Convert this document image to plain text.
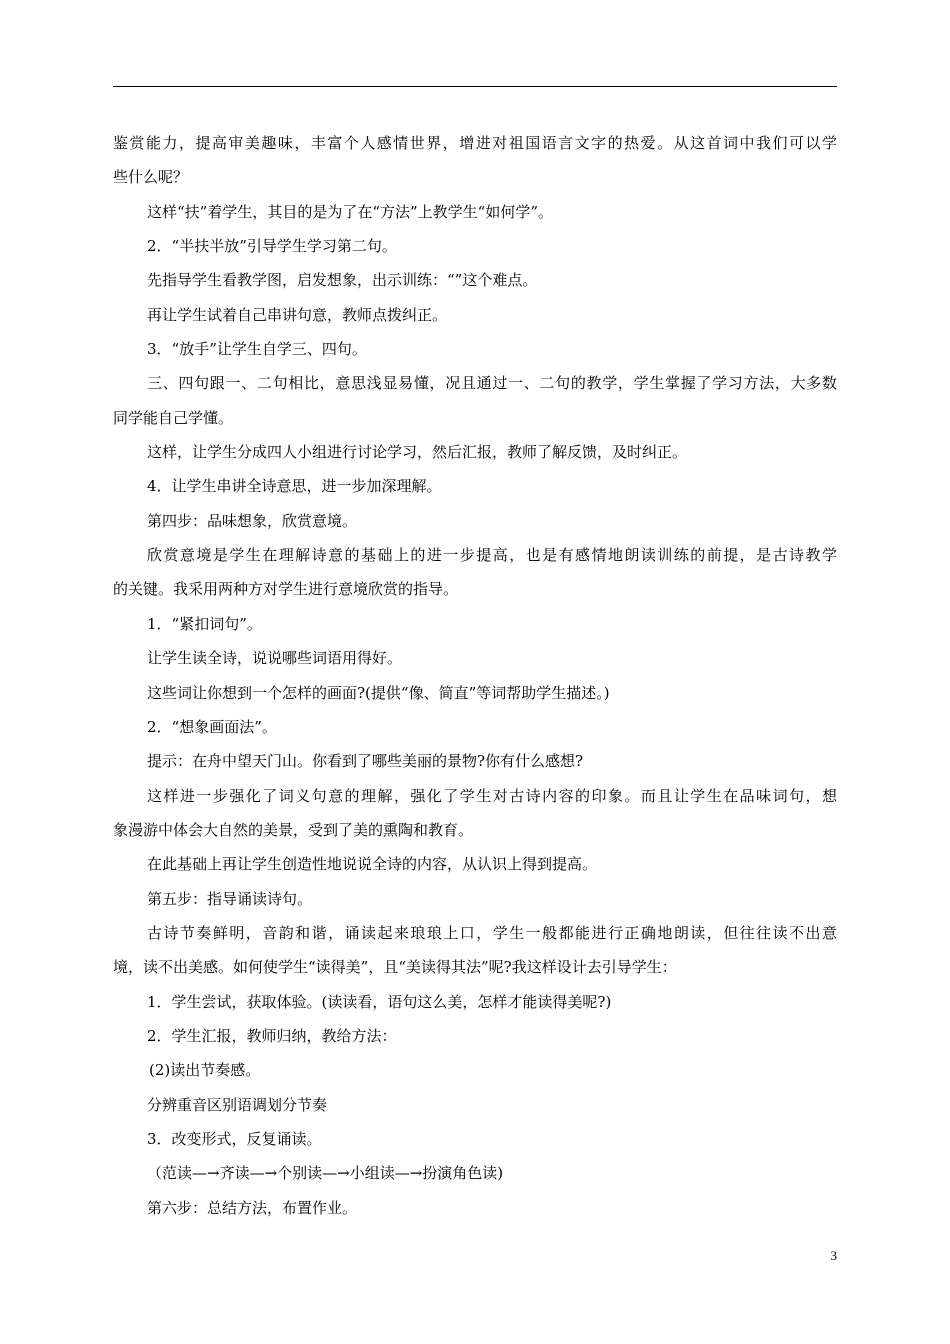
鉴赏能力，提高审美趣味，丰富个人感情世界，增进对祖国语言文字的热爱。从这首词中我们可以学
些什么呢？
这样“扶”着学生，其目的是为了在“方法”上教学生“如何学”。
2．“半扶半放”引导学生学习第二句。
先指导学生看教学图，启发想象，出示训练：“”这个难点。
再让学生试着自己串讲句意，教师点拨纠正。
3．“放手”让学生自学三、四句。
三、四句跟一、二句相比，意思浅显易懂，况且通过一、二句的教学，学生掌握了学习方法，大多数
同学能自己学懂。
这样，让学生分成四人小组进行讨论学习，然后汇报，教师了解反馈，及时纠正。
4．让学生串讲全诗意思，进一步加深理解。
第四步：品味想象，欣赏意境。
欣赏意境是学生在理解诗意的基础上的进一步提高，也是有感情地朗读训练的前提，是古诗教学
的关键。我采用两种方对学生进行意境欣赏的指导。
1．“紧扣词句”。
让学生读全诗，说说哪些词语用得好。
这些词让你想到一个怎样的画面?(提供“像、简直”等词帮助学生描述。)
2．“想象画面法”。
提示：在舟中望天门山。你看到了哪些美丽的景物?你有什么感想?
这样进一步强化了词义句意的理解，强化了学生对古诗内容的印象。而且让学生在品味词句，想
象漫游中体会大自然的美景，受到了美的熏陶和教育。
在此基础上再让学生创造性地说说全诗的内容，从认识上得到提高。
第五步：指导诵读诗句。
古诗节奏鲜明，音韵和谐，诵读起来琅琅上口，学生一般都能进行正确地朗读，但往往读不出意
境，读不出美感。如何使学生“读得美”，且“美读得其法”呢?我这样设计去引导学生：
1．学生尝试，获取体验。(读读看，语句这么美，怎样才能读得美呢?)
2．学生汇报，教师归纳，教给方法：
(2)读出节奏感。
分辨重音区别语调划分节奏
3．改变形式，反复诵读。
（范读—→齐读—→个别读—→小组读—→扮演角色读)
第六步：总结方法，布置作业。
3
